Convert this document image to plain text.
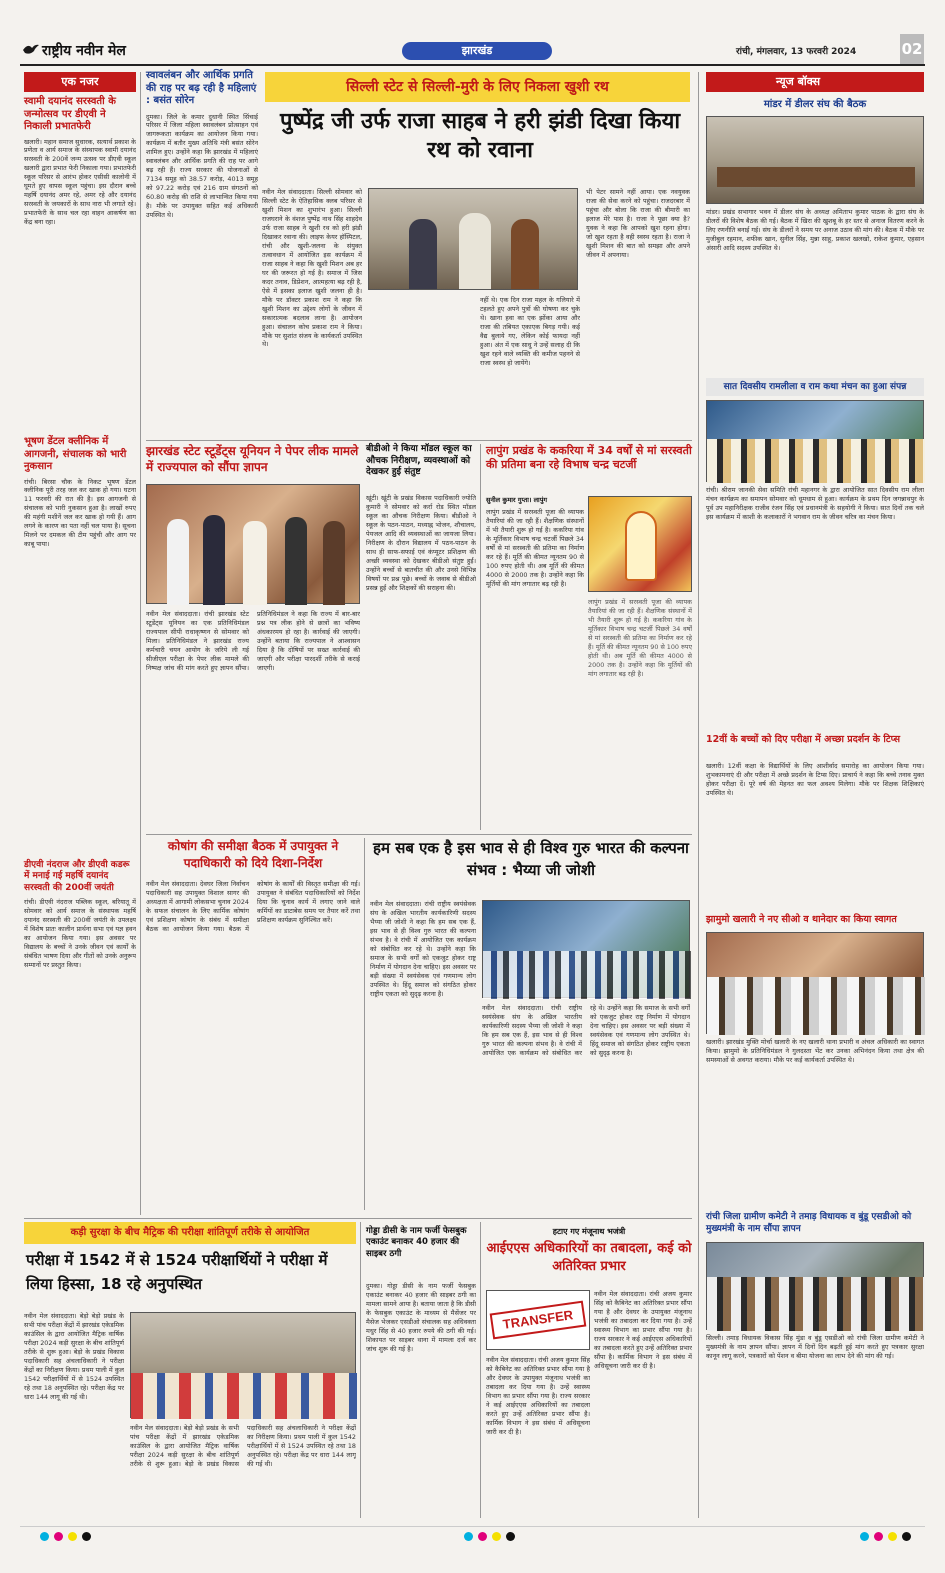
राष्ट्रीय नवीन मेल	झारखंड	रांची, मंगलवार, 13 फरवरी 2024	02
एक नजर
स्वामी दयानंद सरस्वती के जन्मोत्सव पर डीएवी ने निकाली प्रभातफेरी
खलारी। महान समाज सुधारक, सत्यार्थ प्रकाश के प्रणेता व आर्य समाज के संस्थापक स्वामी दयानंद सरस्वती के 200वें जन्म उत्सव पर डीएवी स्कूल खलारी द्वारा प्रभात फेरी निकाला गया। प्रभातफेरी स्कूल परिसर से आरंभ होकर एसीसी कालोनी में घूमते हुए वापस स्कूल पहुंचा। इस दौरान बच्चे महर्षि दयानंद अमर रहे, अमर रहे और दयानंद सरस्वती के जयकारों के साथ नारा भी लगाते रहे। प्रभातफेरी के साथ चल रहा वाहन आकर्षण का केंद्र बना रहा।
भूषण डेंटल क्लीनिक में आगजनी, संचालक को भारी नुकसान
रांची। बिरसा चौक के निकट भूषण डेंटल क्लीनिक पूरी तरह जल कर खाक हो गया। घटना 11 फरवरी की रात की है। इस आगजनी से संचालक को भारी नुकसान हुआ है। लाखों रुपए की महंगी मशीनें जल कर खाक हो गयी हैं। आग लगने के कारण का पता नहीं चल पाया है। सूचना मिलने पर दमकल की टीम पहुंची और आग पर काबू पाया।
डीएवी नंदराज और डीएवी कडरू में मनाई गई महर्षि दयानंद सरस्वती की 200वीं जयंती
रांची। डीएवी नंदराज पब्लिक स्कूल, बरियातू में सोमवार को आर्य समाज के संस्थापक महर्षि दयानंद सरस्वती की 200वीं जयंती के उपलक्ष्य में विशेष प्रातः कालीन प्रार्थना सभा एवं यज्ञ हवन का आयोजन किया गया। इस अवसर पर विद्यालय के बच्चों ने उनके जीवन एवं कार्यों के संबंधित भाषण दिया और गीतों को उनके अनुरूप सम्मानों पर प्रस्तुत किया।
स्वावलंबन और आर्थिक प्रगति की राह पर बढ़ रही है महिलाएं : बसंत सोरेन
दुमका। जिले के कमार दुधानी स्थित सिंचाई परिसर में जिला महिला स्वावलंबन प्रोत्साहन एवं जागरूकता कार्यक्रम का आयोजन किया गया। कार्यक्रम में बतौर मुख्य अतिथि मंत्री बसंत सोरेन शामिल हुए। उन्होंने कहा कि झारखंड में महिलाएं स्वावलंबन और आर्थिक प्रगति की राह पर आगे बढ़ रही हैं। राज्य सरकार की योजनाओं से 7134 समूह को 38.57 करोड़, 4013 समूह को 97.22 करोड़ एवं 216 ग्राम संगठनों को 60.80 करोड़ की राशि से लाभान्वित किया गया है। मौके पर उपायुक्त सहित कई अधिकारी उपस्थित थे।
सिल्ली स्टेट से सिल्ली-मुरी के लिए निकला खुशी रथ
पुष्पेंद्र जी उर्फ राजा साहब ने हरी झंडी दिखा किया रथ को रवाना
नवीन मेल संवाददाता। सिल्ली सोमवार को सिल्ली स्टेट के ऐतिहासिक क्लब परिसर से खुशी मिशन का शुभारंभ हुआ। सिल्ली राजघराने के वंशज पुष्पेंद्र नाथ सिंह शाहदेव उर्फ राजा साहब ने खुशी रथ को हरी झंडी दिखाकर रवाना की। लाइफ केयर हॉस्पिटल, रांची और खुशी-जलना के संयुक्त तत्वावधान में आयोजित इस कार्यक्रम में राजा साहब ने कहा कि खुशी मिशन अब हर घर की जरूरत हो गई है। समाज में जिस कदर तनाव, डिप्रेशन, आत्महत्या बढ़ रही है, ऐसे में इसका इलाज खुशी जलना ही है। मौके पर डॉक्टर प्रकाश राम ने कहा कि खुशी मिशन का उद्देश्य लोगों के जीवन में सकारात्मक बदलाव लाना है। आयोजन हुआ। संचालन कोच प्रकाश राम ने किया। मौके पर सुशांत संजय के कार्यकर्ता उपस्थित थे।
नहीं थे। एक दिन राजा महल के गलियारे में टहलते हुए अपने पुत्रों की घोषणा कर चुके थे। खाना हवा का एक झोंका आया और राजा की तबियत एकाएक बिगड़ गयी। कई वैद्य बुलाये गए, लेकिन कोई फायदा नहीं हुआ। अंत में एक साधु ने उन्हें सलाह दी कि खुश रहने वाले व्यक्ति की कमीज पहनने से राजा स्वस्थ हो जायेंगे।
भी पेटर सामने नहीं आया। एक नवयुवक राजा की सेवा करने को पहुंचा। राजदरबार में पहुंचा और बोला कि राजा की बीमारी का इलाज मेरे पास है। राजा ने पूछा क्या है? युवक ने कहा कि आपको खुश रहना होगा। जो खुश रहता है वही स्वस्थ रहता है। राजा ने खुशी मिशन की बात को समझा और अपने जीवन में अपनाया।
झारखंड स्टेट स्टूडेंट्स यूनियन ने पेपर लीक मामले में राज्यपाल को सौंपा ज्ञापन
नवीन मेल संवाददाता। रांची झारखंड स्टेट स्टूडेंट्स यूनियन का एक प्रतिनिधिमंडल राज्यपाल सीपी राधाकृष्णन से सोमवार को मिला। प्रतिनिधिमंडल ने झारखंड राज्य कर्मचारी चयन आयोग के जरिये ली गई सीजीएल परीक्षा के पेपर लीक मामले की निष्पक्ष जांच की मांग करते हुए ज्ञापन सौंपा। प्रतिनिधिमंडल ने कहा कि राज्य में बार-बार प्रश्न पत्र लीक होने से छात्रों का भविष्य अंधकारमय हो रहा है। कार्रवाई की जाएगी। उन्होंने बताया कि राज्यपाल ने आश्वासन दिया है कि दोषियों पर सख्त कार्रवाई की जाएगी और परीक्षा पारदर्शी तरीके से कराई जाएगी।
बीडीओ ने किया मॉडल स्कूल का औचक निरीक्षण, व्यवस्थाओं को देखकर हुई संतुष्ट
खूंटी। खूंटी के प्रखंड विकास पदाधिकारी ज्योति कुमारी ने सोमवार को कर्रा रोड स्थित मॉडल स्कूल का औचक निरीक्षण किया। बीडीओ ने स्कूल के पठन-पाठन, मध्याह्न भोजन, शौचालय, पेयजल आदि की व्यवस्थाओं का जायजा लिया। निरीक्षण के दौरान विद्यालय में पठन-पाठन के साथ ही साफ-सफाई एवं कंप्यूटर प्रशिक्षण की अच्छी व्यवस्था को देखकर बीडीओ संतुष्ट हुईं। उन्होंने बच्चों से बातचीत की और उनसे विभिन्न विषयों पर प्रश्न पूछे। बच्चों के जवाब से बीडीओ प्रसन्न हुईं और शिक्षकों की सराहना की।
लापुंग प्रखंड के ककरिया में 34 वर्षों से मां सरस्वती की प्रतिमा बना रहे विभाष चन्द्र चटर्जी
सुनील कुमार गुप्ता। लापुंग
लापुंग प्रखंड में सरस्वती पूजा की व्यापक तैयारियां की जा रही हैं। शैक्षणिक संस्थानों में भी तैयारी शुरू हो गई है। ककरिया गांव के मूर्तिकार विभाष चन्द्र चटर्जी पिछले 34 वर्षों से मां सरस्वती की प्रतिमा का निर्माण कर रहे हैं। मूर्ति की कीमत न्यूनतम 90 से 100 रुपए होती थी। अब मूर्ति की कीमत 4000 से 2000 तक है। उन्होंने कहा कि मूर्तियों की मांग लगातार बढ़ रही है।
लापुंग प्रखंड में सरस्वती पूजा की व्यापक तैयारियां की जा रही हैं। शैक्षणिक संस्थानों में भी तैयारी शुरू हो गई है। ककरिया गांव के मूर्तिकार विभाष चन्द्र चटर्जी पिछले 34 वर्षों से मां सरस्वती की प्रतिमा का निर्माण कर रहे हैं। मूर्ति की कीमत न्यूनतम 90 से 100 रुपए होती थी। अब मूर्ति की कीमत 4000 से 2000 तक है। उन्होंने कहा कि मूर्तियों की मांग लगातार बढ़ रही है।
कोषांग की समीक्षा बैठक में उपायुक्त ने पदाधिकारी को दिये दिशा-निर्देश
नवीन मेल संवाददाता। देवघर जिला निर्वाचन पदाधिकारी सह उपायुक्त विशाल सागर की अध्यक्षता में आगामी लोकसभा चुनाव 2024 के सफल संचालन के लिए कार्मिक कोषांग एवं प्रशिक्षण कोषांग के संबंध में समीक्षा बैठक का आयोजन किया गया। बैठक में कोषांग के कार्यों की विस्तृत समीक्षा की गई। उपायुक्त ने संबंधित पदाधिकारियों को निर्देश दिया कि चुनाव कार्य में लगाए जाने वाले कर्मियों का डाटाबेस समय पर तैयार करें तथा प्रशिक्षण कार्यक्रम सुनिश्चित करें।
हम सब एक है इस भाव से ही विश्व गुरु भारत की कल्पना संभव : भैय्या जी जोशी
नवीन मेल संवाददाता। रांची राष्ट्रीय स्वयंसेवक संघ के अखिल भारतीय कार्यकारिणी सदस्य भैय्या जी जोशी ने कहा कि हम सब एक हैं, इस भाव से ही विश्व गुरु भारत की कल्पना संभव है। वे रांची में आयोजित एक कार्यक्रम को संबोधित कर रहे थे। उन्होंने कहा कि समाज के सभी वर्गों को एकजुट होकर राष्ट्र निर्माण में योगदान देना चाहिए। इस अवसर पर बड़ी संख्या में स्वयंसेवक एवं गणमान्य लोग उपस्थित थे। हिंदू समाज को संगठित होकर राष्ट्रीय एकता को सुदृढ़ करना है।
नवीन मेल संवाददाता। रांची राष्ट्रीय स्वयंसेवक संघ के अखिल भारतीय कार्यकारिणी सदस्य भैय्या जी जोशी ने कहा कि हम सब एक हैं, इस भाव से ही विश्व गुरु भारत की कल्पना संभव है। वे रांची में आयोजित एक कार्यक्रम को संबोधित कर रहे थे। उन्होंने कहा कि समाज के सभी वर्गों को एकजुट होकर राष्ट्र निर्माण में योगदान देना चाहिए। इस अवसर पर बड़ी संख्या में स्वयंसेवक एवं गणमान्य लोग उपस्थित थे। हिंदू समाज को संगठित होकर राष्ट्रीय एकता को सुदृढ़ करना है।
कड़ी सुरक्षा के बीच मैट्रिक की परीक्षा शांतिपूर्ण तरीके से आयोजित
परीक्षा में 1542 में से 1524 परीक्षार्थियों ने परीक्षा में लिया हिस्सा, 18 रहे अनुपस्थित
नवीन मेल संवाददाता। बेड़ो बेड़ो प्रखंड के सभी पांच परीक्षा केंद्रों में झारखंड एकेडमिक काउंसिल के द्वारा आयोजित मैट्रिक वार्षिक परीक्षा 2024 कड़ी सुरक्षा के बीच शांतिपूर्ण तरीके से शुरू हुआ। बेड़ो के प्रखंड विकास पदाधिकारी सह अंचलाधिकारी ने परीक्षा केंद्रों का निरीक्षण किया। प्रथम पाली में कुल 1542 परीक्षार्थियों में से 1524 उपस्थित रहे तथा 18 अनुपस्थित रहे। परीक्षा केंद्र पर धारा 144 लागू की गई थी।
नवीन मेल संवाददाता। बेड़ो बेड़ो प्रखंड के सभी पांच परीक्षा केंद्रों में झारखंड एकेडमिक काउंसिल के द्वारा आयोजित मैट्रिक वार्षिक परीक्षा 2024 कड़ी सुरक्षा के बीच शांतिपूर्ण तरीके से शुरू हुआ। बेड़ो के प्रखंड विकास पदाधिकारी सह अंचलाधिकारी ने परीक्षा केंद्रों का निरीक्षण किया। प्रथम पाली में कुल 1542 परीक्षार्थियों में से 1524 उपस्थित रहे तथा 18 अनुपस्थित रहे। परीक्षा केंद्र पर धारा 144 लागू की गई थी।
गोड्डा डीसी के नाम फर्जी फेसबुक एकाउंट बनाकर 40 हजार की साइबर ठगी
दुमका। गोड्डा डीसी के नाम फर्जी फेसबुक एकाउंट बनाकर 40 हजार की साइबर ठगी का मामला सामने आया है। बताया जाता है कि डीसी के फेसबुक एकाउंट के माध्यम से मैसेंजर पर मैसेज भेजकर एसडीओ संचालक सह अधिवक्ता मधुर सिंह से 40 हजार रुपये की ठगी की गई। शिकायत पर साइबर थाना में मामला दर्ज कर जांच शुरू की गई है।
हटाए गए मंजूनाथ भजंत्री
आईएएस अधिकारियों का तबादला, कई को अतिरिक्त प्रभार
TRANSFER
नवीन मेल संवाददाता। रांची अजय कुमार सिंह को कैबिनेट का अतिरिक्त प्रभार सौंपा गया है और देवघर के उपायुक्त मंजूनाथ भजंत्री का तबादला कर दिया गया है। उन्हें स्वास्थ्य विभाग का प्रभार सौंपा गया है। राज्य सरकार ने कई आईएएस अधिकारियों का तबादला करते हुए उन्हें अतिरिक्त प्रभार सौंपा है। कार्मिक विभाग ने इस संबंध में अधिसूचना जारी कर दी है।
नवीन मेल संवाददाता। रांची अजय कुमार सिंह को कैबिनेट का अतिरिक्त प्रभार सौंपा गया है और देवघर के उपायुक्त मंजूनाथ भजंत्री का तबादला कर दिया गया है। उन्हें स्वास्थ्य विभाग का प्रभार सौंपा गया है। राज्य सरकार ने कई आईएएस अधिकारियों का तबादला करते हुए उन्हें अतिरिक्त प्रभार सौंपा है। कार्मिक विभाग ने इस संबंध में अधिसूचना जारी कर दी है।
न्यूज बॉक्स
मांडर में डीलर संघ की बैठक
मांडर। प्रखंड सभागार भवन में डीलर संघ के अध्यक्ष अमिताभ कुमार पाठक के द्वारा संघ के डीलरों की विशेष बैठक की गई। बैठक में खिरा की खुशबू के हर स्तर से अनाज वितरण करने के लिए रणनीति बनाई गई। संघ के डीलरों ने समय पर अनाज उठाव की मांग की। बैठक में मौके पर मुजीबुल रहमान, शफीक खान, सुनील सिंह, मुन्ना साहू, प्रकाश खलखो, राकेश कुमार, एहसान अंसारी आदि सदस्य उपस्थित थे।
सात दिवसीय रामलीला व राम कथा मंचन का हुआ संपन्न
रांची। श्रीराम जानकी सेवा समिति रांची महानगर के द्वारा आयोजित सात दिवसीय राम लीला मंचन कार्यक्रम का समापन सोमवार को धूमधाम से हुआ। कार्यक्रम के प्रथम दिन जगन्नाथपुर के पूर्व उप महानिरीक्षक राजीव रंजन सिंह एवं प्रधानमंत्री के सहयोगी ने किया। सात दिनों तक चले इस कार्यक्रम में काशी के कलाकारों ने भगवान राम के जीवन चरित्र का मंचन किया।
12वीं के बच्चों को दिए परीक्षा में अच्छा प्रदर्शन के टिप्स
खलारी। 12वीं कक्षा के विद्यार्थियों के लिए आशीर्वाद समारोह का आयोजन किया गया। शुभकामनाएं दी और परीक्षा में अच्छे प्रदर्शन के टिप्स दिए। प्राचार्य ने कहा कि बच्चे तनाव मुक्त होकर परीक्षा दें। पूरे वर्ष की मेहनत का फल अवश्य मिलेगा। मौके पर शिक्षक शिक्षिकाएं उपस्थित थे।
झामुमो खलारी ने नए सीओ व थानेदार का किया स्वागत
खलारी। झारखंड मुक्ति मोर्चा खलारी के नए खलारी थाना प्रभारी व अंचल अधिकारी का स्वागत किया। झामुमो के प्रतिनिधिमंडल ने गुलदस्ता भेंट कर उनका अभिनंदन किया तथा क्षेत्र की समस्याओं से अवगत कराया। मौके पर कई कार्यकर्ता उपस्थित थे।
रांची जिला ग्रामीण कमेटी ने तमाड़ विधायक व बुंडू एसडीओ को मुख्यमंत्री के नाम सौंपा ज्ञापन
सिल्ली। तमाड़ विधायक विकास सिंह मुंडा व बुंडू एसडीओ को रांची जिला ग्रामीण कमेटी ने मुख्यमंत्री के नाम ज्ञापन सौंपा। ज्ञापन में दिनों दिन बढ़ती हुई मांग करते हुए पत्रकार सुरक्षा कानून लागू करने, पत्रकारों को पेंशन व बीमा योजना का लाभ देने की मांग की गई।
